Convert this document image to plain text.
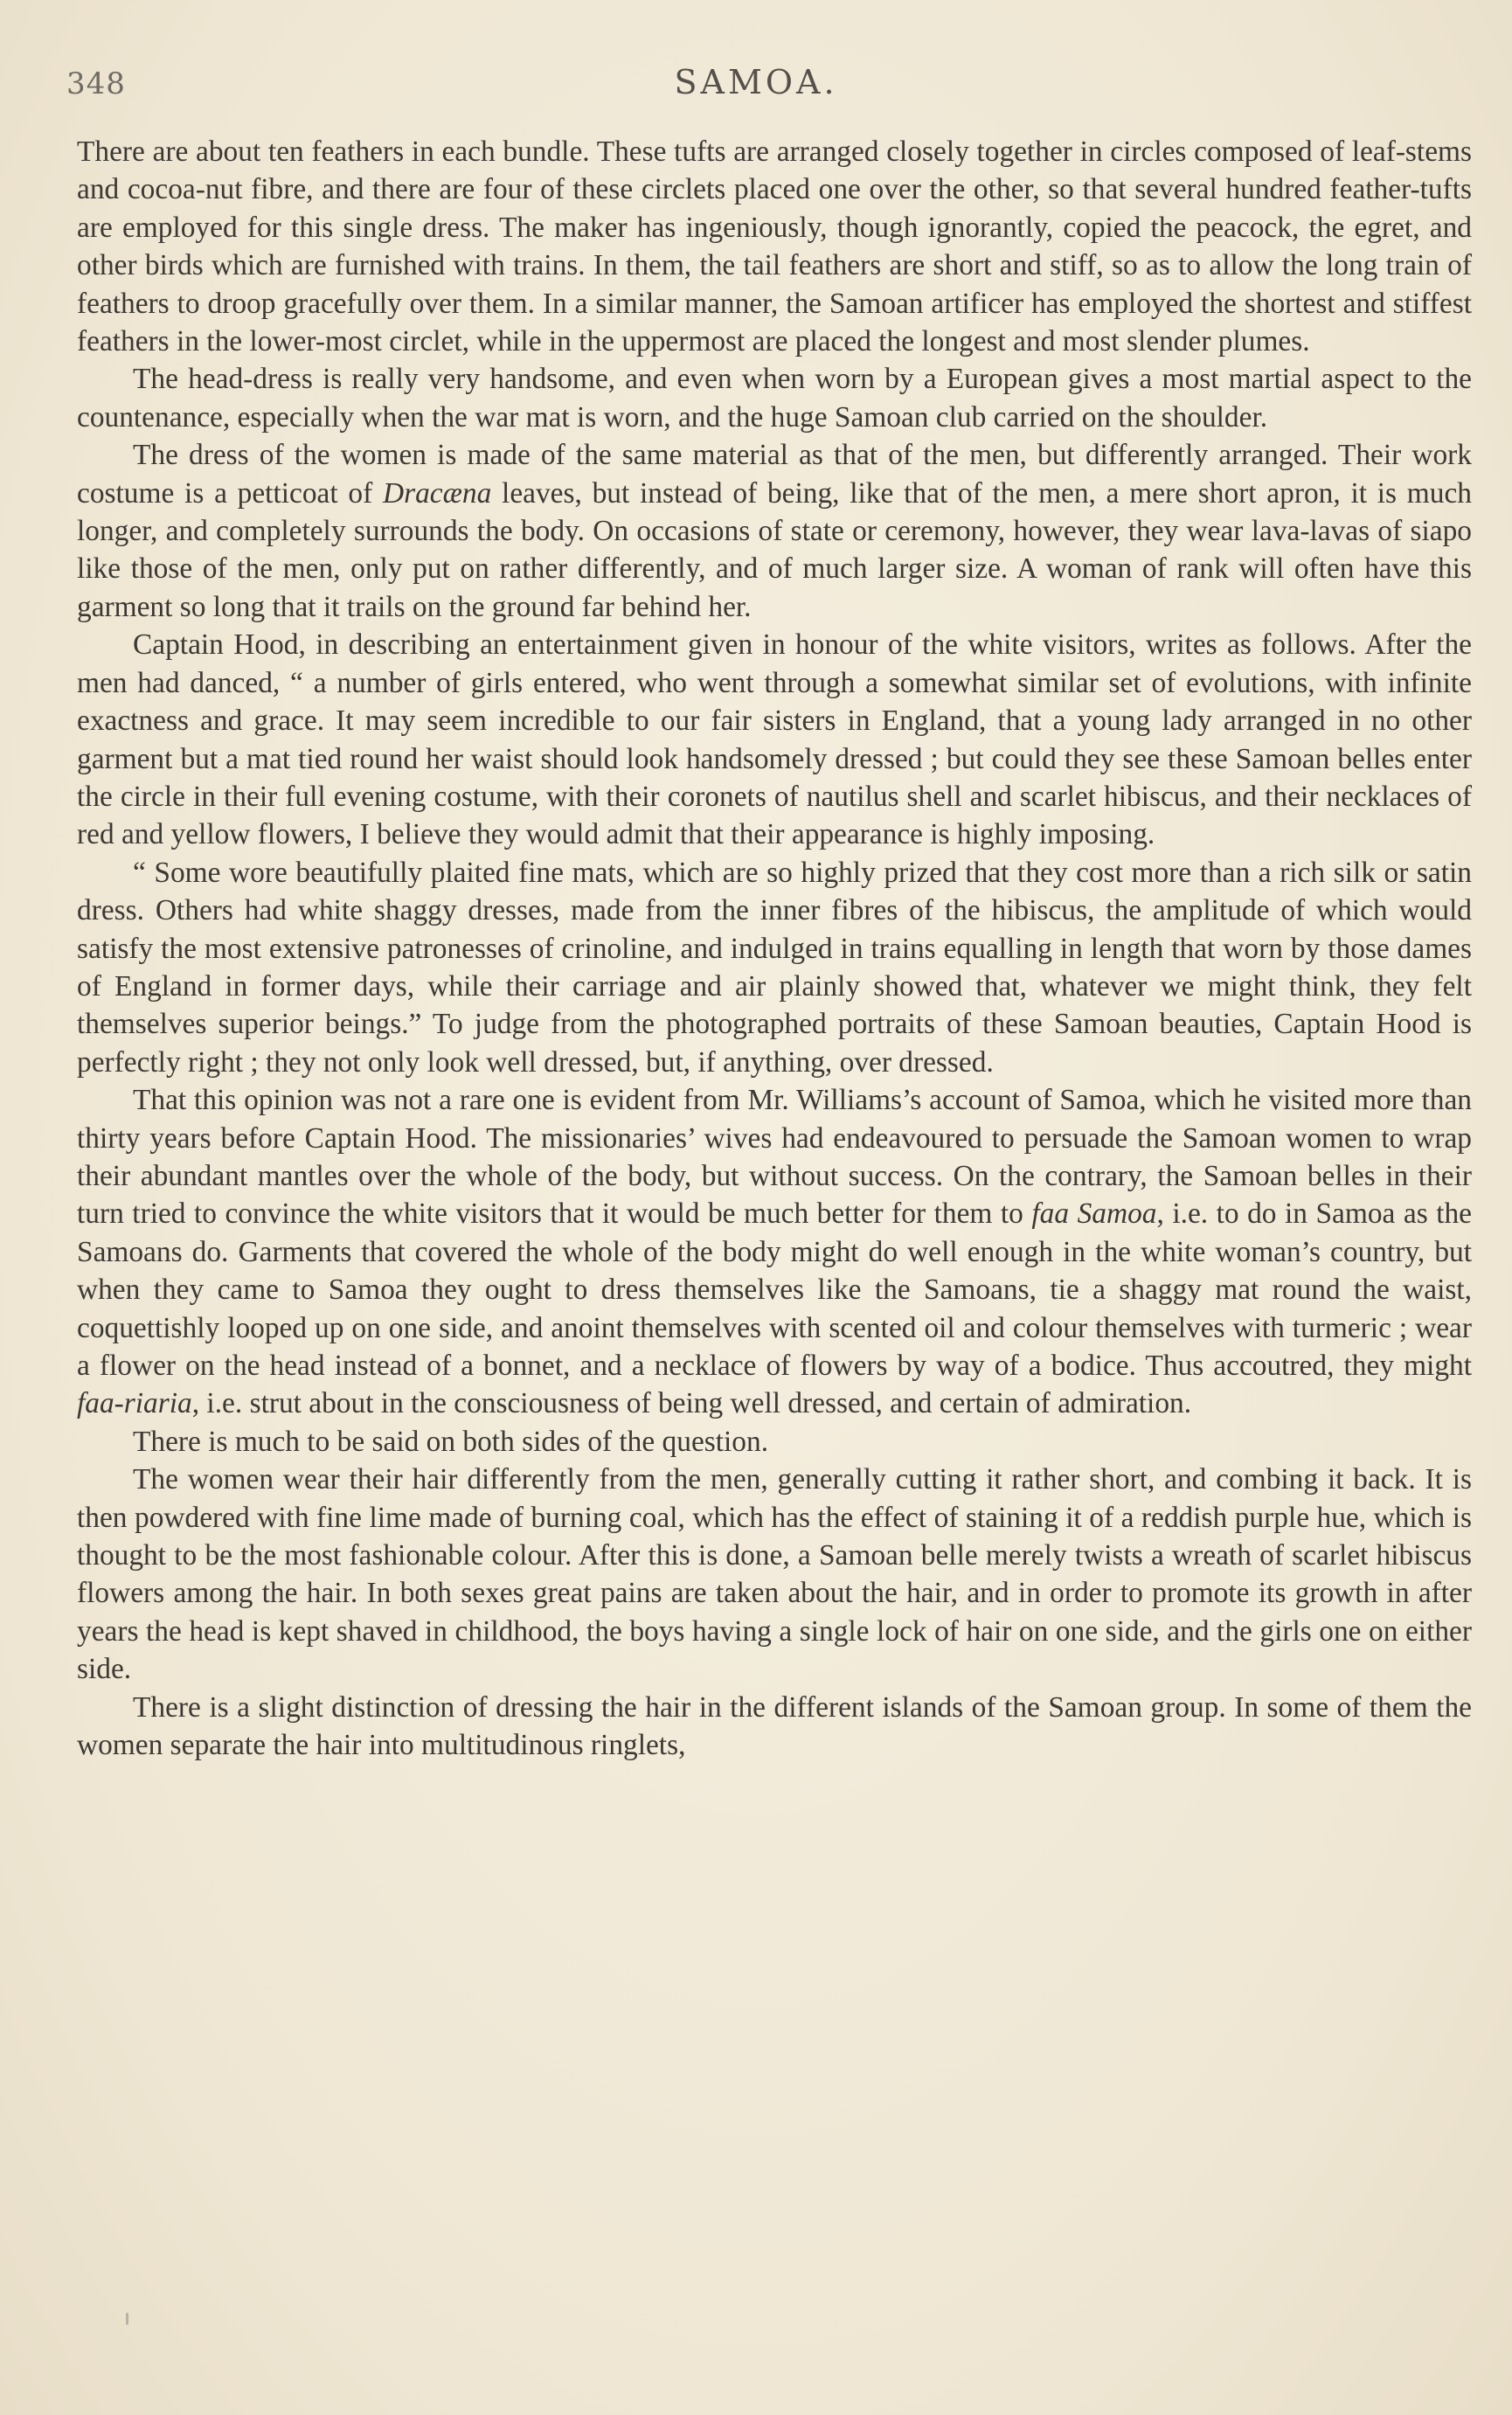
348	SAMOA.

There are about ten feathers in each bundle. These tufts are arranged closely together in circles composed of leaf-stems and cocoa-nut fibre, and there are four of these circlets placed one over the other, so that several hundred feather-tufts are employed for this single dress. The maker has ingeniously, though ignorantly, copied the peacock, the egret, and other birds which are furnished with trains. In them, the tail feathers are short and stiff, so as to allow the long train of feathers to droop gracefully over them. In a similar manner, the Samoan artificer has employed the shortest and stiffest feathers in the lower-most circlet, while in the uppermost are placed the longest and most slender plumes.

The head-dress is really very handsome, and even when worn by a European gives a most martial aspect to the countenance, especially when the war mat is worn, and the huge Samoan club carried on the shoulder.

The dress of the women is made of the same material as that of the men, but differently arranged. Their work costume is a petticoat of Dracæna leaves, but instead of being, like that of the men, a mere short apron, it is much longer, and completely surrounds the body. On occasions of state or ceremony, however, they wear lava-lavas of siapo like those of the men, only put on rather differently, and of much larger size. A woman of rank will often have this garment so long that it trails on the ground far behind her.

Captain Hood, in describing an entertainment given in honour of the white visitors, writes as follows. After the men had danced, “ a number of girls entered, who went through a somewhat similar set of evolutions, with infinite exactness and grace. It may seem incredible to our fair sisters in England, that a young lady arranged in no other garment but a mat tied round her waist should look handsomely dressed ; but could they see these Samoan belles enter the circle in their full evening costume, with their coronets of nautilus shell and scarlet hibiscus, and their necklaces of red and yellow flowers, I believe they would admit that their appearance is highly imposing.

“ Some wore beautifully plaited fine mats, which are so highly prized that they cost more than a rich silk or satin dress. Others had white shaggy dresses, made from the inner fibres of the hibiscus, the amplitude of which would satisfy the most extensive patronesses of crinoline, and indulged in trains equalling in length that worn by those dames of England in former days, while their carriage and air plainly showed that, whatever we might think, they felt themselves superior beings.” To judge from the photographed portraits of these Samoan beauties, Captain Hood is perfectly right ; they not only look well dressed, but, if anything, over dressed.

That this opinion was not a rare one is evident from Mr. Williams’s account of Samoa, which he visited more than thirty years before Captain Hood. The missionaries’ wives had endeavoured to persuade the Samoan women to wrap their abundant mantles over the whole of the body, but without success. On the contrary, the Samoan belles in their turn tried to convince the white visitors that it would be much better for them to faa Samoa, i.e. to do in Samoa as the Samoans do. Garments that covered the whole of the body might do well enough in the white woman’s country, but when they came to Samoa they ought to dress themselves like the Samoans, tie a shaggy mat round the waist, coquettishly looped up on one side, and anoint themselves with scented oil and colour themselves with turmeric ; wear a flower on the head instead of a bonnet, and a necklace of flowers by way of a bodice. Thus accoutred, they might faa-riaria, i.e. strut about in the consciousness of being well dressed, and certain of admiration.

There is much to be said on both sides of the question.

The women wear their hair differently from the men, generally cutting it rather short, and combing it back. It is then powdered with fine lime made of burning coal, which has the effect of staining it of a reddish purple hue, which is thought to be the most fashionable colour. After this is done, a Samoan belle merely twists a wreath of scarlet hibiscus flowers among the hair. In both sexes great pains are taken about the hair, and in order to promote its growth in after years the head is kept shaved in childhood, the boys having a single lock of hair on one side, and the girls one on either side.

There is a slight distinction of dressing the hair in the different islands of the Samoan group. In some of them the women separate the hair into multitudinous ringlets,
